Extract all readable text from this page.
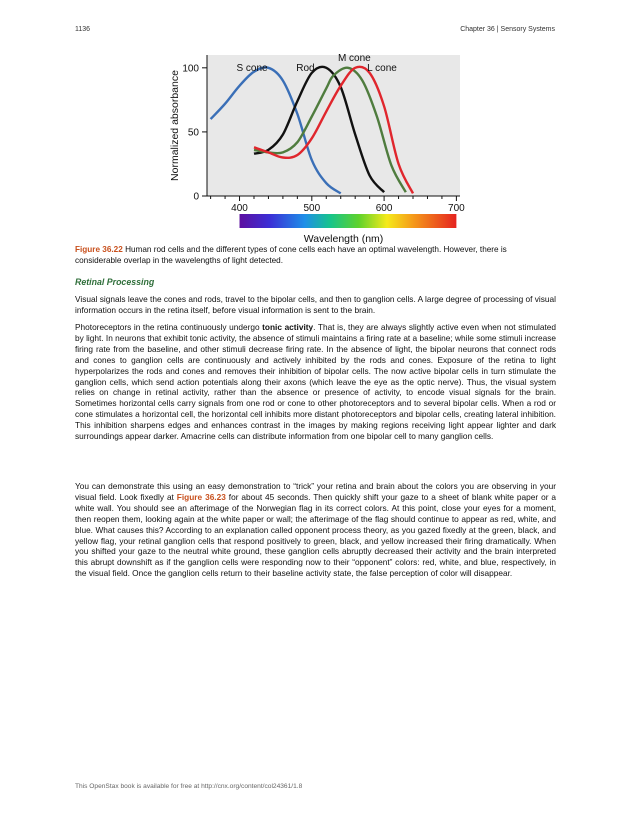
1136	Chapter 36 | Sensory Systems
400	500	600	700
0
50
100
Wavelength (nm)
Normalized absorbance
S cone	Rod
M cone
L cone
Figure 36.22 Human rod cells and the different types of cone cells each have an optimal wavelength. However, there is considerable overlap in the wavelengths of light detected.
Retinal Processing

Visual signals leave the cones and rods, travel to the bipolar cells, and then to ganglion cells. A large degree of processing of visual information occurs in the retina itself, before visual information is sent to the brain.

Photoreceptors in the retina continuously undergo tonic activity. That is, they are always slightly active even when not stimulated by light. In neurons that exhibit tonic activity, the absence of stimuli maintains a firing rate at a baseline; while some stimuli increase firing rate from the baseline, and other stimuli decrease firing rate. In the absence of light, the bipolar neurons that connect rods and cones to ganglion cells are continuously and actively inhibited by the rods and cones. Exposure of the retina to light hyperpolarizes the rods and cones and removes their inhibition of bipolar cells. The now active bipolar cells in turn stimulate the ganglion cells, which send action potentials along their axons (which leave the eye as the optic nerve). Thus, the visual system relies on change in retinal activity, rather than the absence or presence of activity, to encode visual signals for the brain. Sometimes horizontal cells carry signals from one rod or cone to other photoreceptors and to several bipolar cells. When a rod or cone stimulates a horizontal cell, the horizontal cell inhibits more distant photoreceptors and bipolar cells, creating lateral inhibition. This inhibition sharpens edges and enhances contrast in the images by making regions receiving light appear lighter and dark surroundings appear darker. Amacrine cells can distribute information from one bipolar cell to many ganglion cells.

You can demonstrate this using an easy demonstration to “trick” your retina and brain about the colors you are observing in your visual field. Look fixedly at Figure 36.23 for about 45 seconds. Then quickly shift your gaze to a sheet of blank white paper or a white wall. You should see an afterimage of the Norwegian flag in its correct colors. At this point, close your eyes for a moment, then reopen them, looking again at the white paper or wall; the afterimage of the flag should continue to appear as red, white, and blue. What causes this? According to an explanation called opponent process theory, as you gazed fixedly at the green, black, and yellow flag, your retinal ganglion cells that respond positively to green, black, and yellow increased their firing dramatically. When you shifted your gaze to the neutral white ground, these ganglion cells abruptly decreased their activity and the brain interpreted this abrupt downshift as if the ganglion cells were responding now to their “opponent” colors: red, white, and blue, respectively, in the visual field. Once the ganglion cells return to their baseline activity state, the false perception of color will disappear.

This OpenStax book is available for free at http://cnx.org/content/col24361/1.8
